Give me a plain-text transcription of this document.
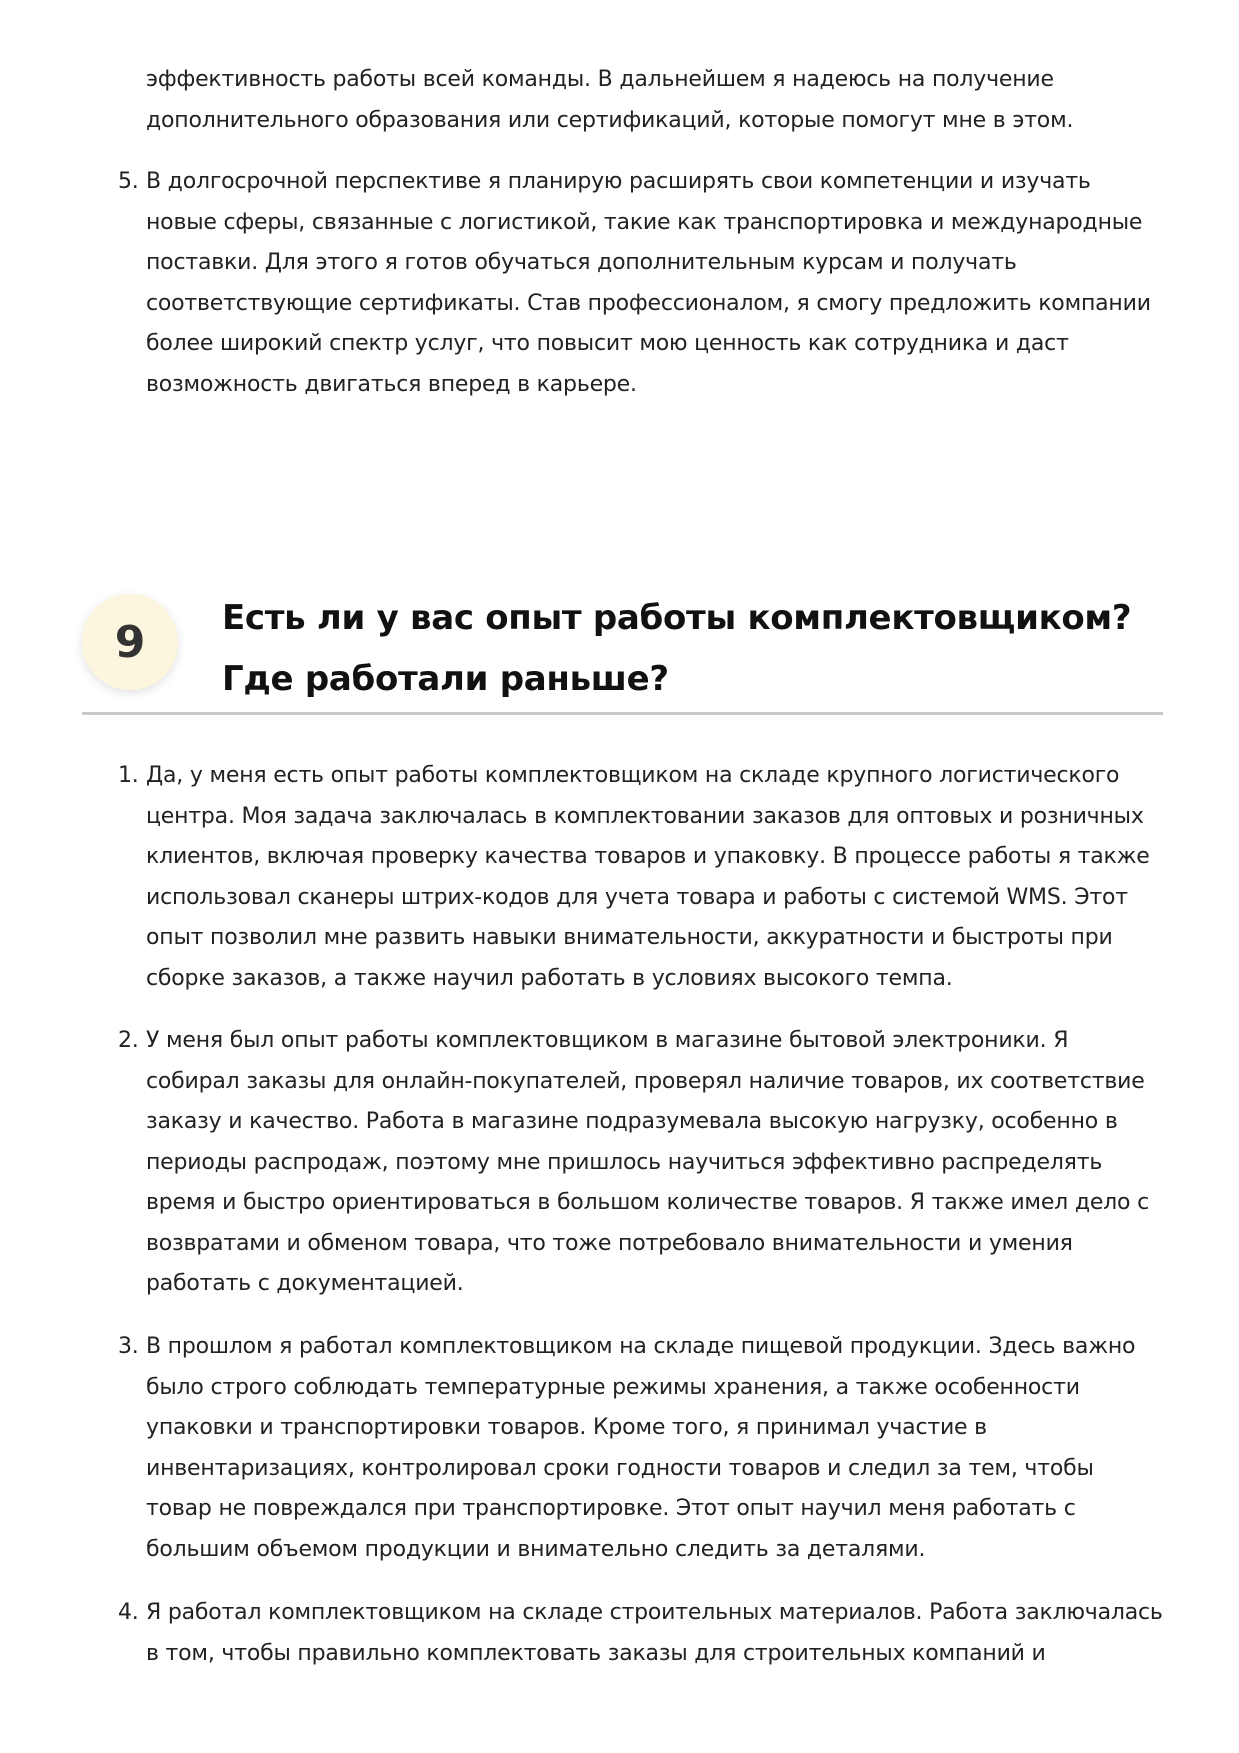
эффективность работы всей команды. В дальнейшем я надеюсь на получение дополнительного образования или сертификаций, которые помогут мне в этом.

5. В долгосрочной перспективе я планирую расширять свои компетенции и изучать новые сферы, связанные с логистикой, такие как транспортировка и международные поставки. Для этого я готов обучаться дополнительным курсам и получать соответствующие сертификаты. Став профессионалом, я смогу предложить компании более широкий спектр услуг, что повысит мою ценность как сотрудника и даст возможность двигаться вперед в карьере.

9 Есть ли у вас опыт работы комплектовщиком? Где работали раньше?

1. Да, у меня есть опыт работы комплектовщиком на складе крупного логистического центра. Моя задача заключалась в комплектовании заказов для оптовых и розничных клиентов, включая проверку качества товаров и упаковку. В процессе работы я также использовал сканеры штрих-кодов для учета товара и работы с системой WMS. Этот опыт позволил мне развить навыки внимательности, аккуратности и быстроты при сборке заказов, а также научил работать в условиях высокого темпа.

2. У меня был опыт работы комплектовщиком в магазине бытовой электроники. Я собирал заказы для онлайн-покупателей, проверял наличие товаров, их соответствие заказу и качество. Работа в магазине подразумевала высокую нагрузку, особенно в периоды распродаж, поэтому мне пришлось научиться эффективно распределять время и быстро ориентироваться в большом количестве товаров. Я также имел дело с возвратами и обменом товара, что тоже потребовало внимательности и умения работать с документацией.

3. В прошлом я работал комплектовщиком на складе пищевой продукции. Здесь важно было строго соблюдать температурные режимы хранения, а также особенности упаковки и транспортировки товаров. Кроме того, я принимал участие в инвентаризациях, контролировал сроки годности товаров и следил за тем, чтобы товар не повреждался при транспортировке. Этот опыт научил меня работать с большим объемом продукции и внимательно следить за деталями.

4. Я работал комплектовщиком на складе строительных материалов. Работа заключалась в том, чтобы правильно комплектовать заказы для строительных компаний и
